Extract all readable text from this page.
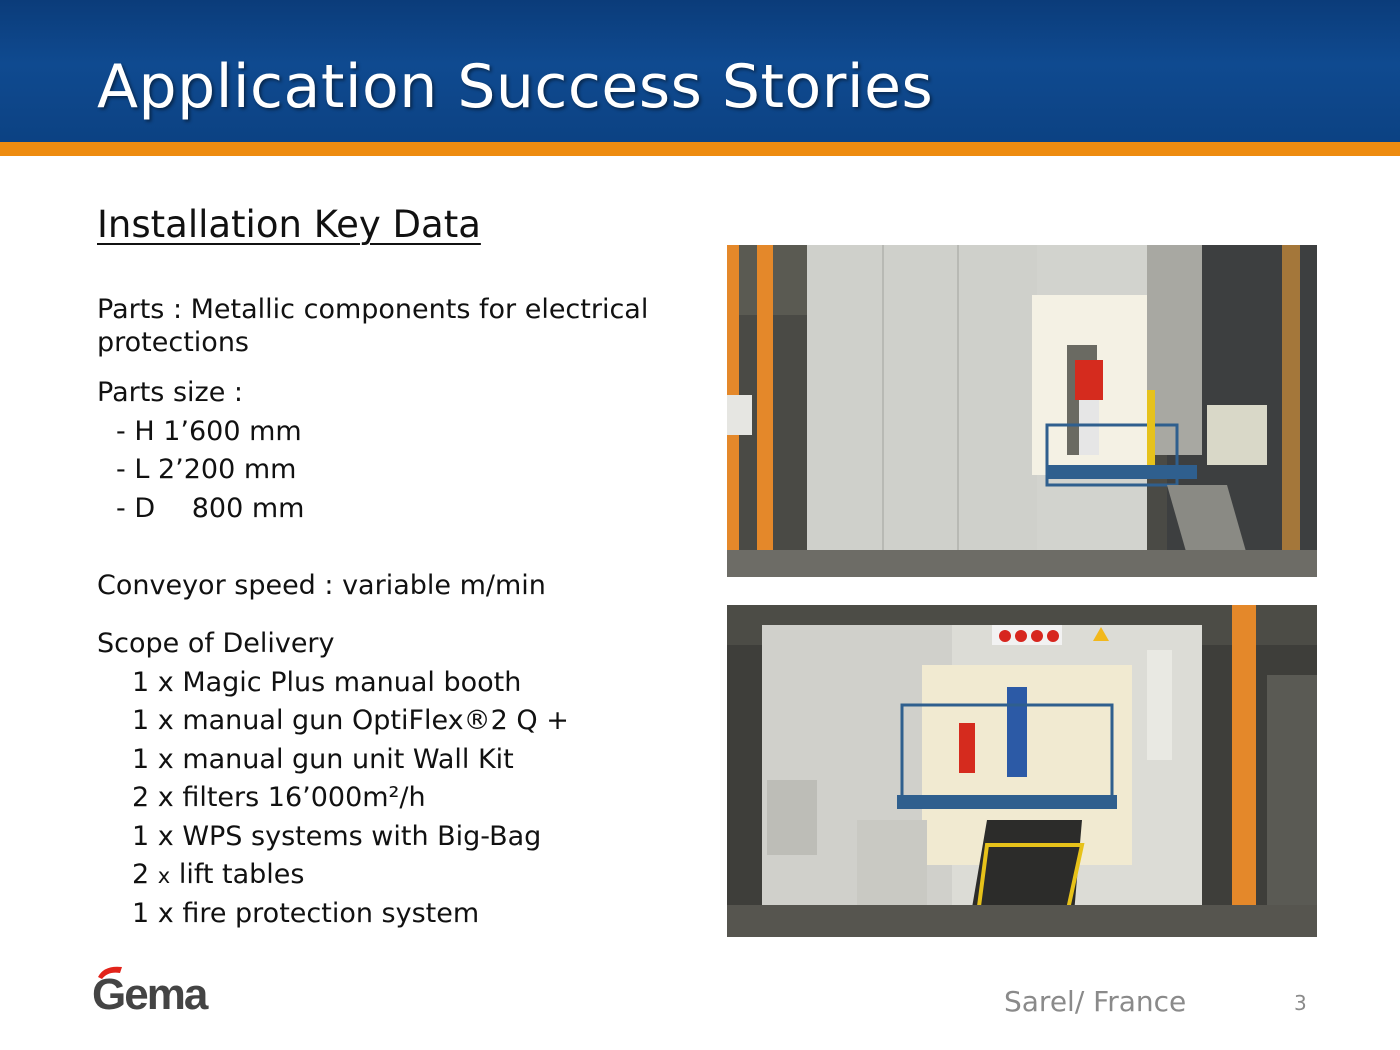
Application Success Stories
Installation Key Data
Parts : Metallic components for electrical
protections
Parts size :
- H 1’600 mm
- L 2’200 mm
- D 800 mm
Conveyor speed : variable m/min
Scope of Delivery
1 x Magic Plus manual booth
1 x manual gun OptiFlex®2 Q +
1 x manual gun unit Wall Kit
2 x filters 16’000m²/h
1 x WPS systems with Big-Bag
2 x lift tables
1 x fire protection system
Gema	Sarel/ France	3
